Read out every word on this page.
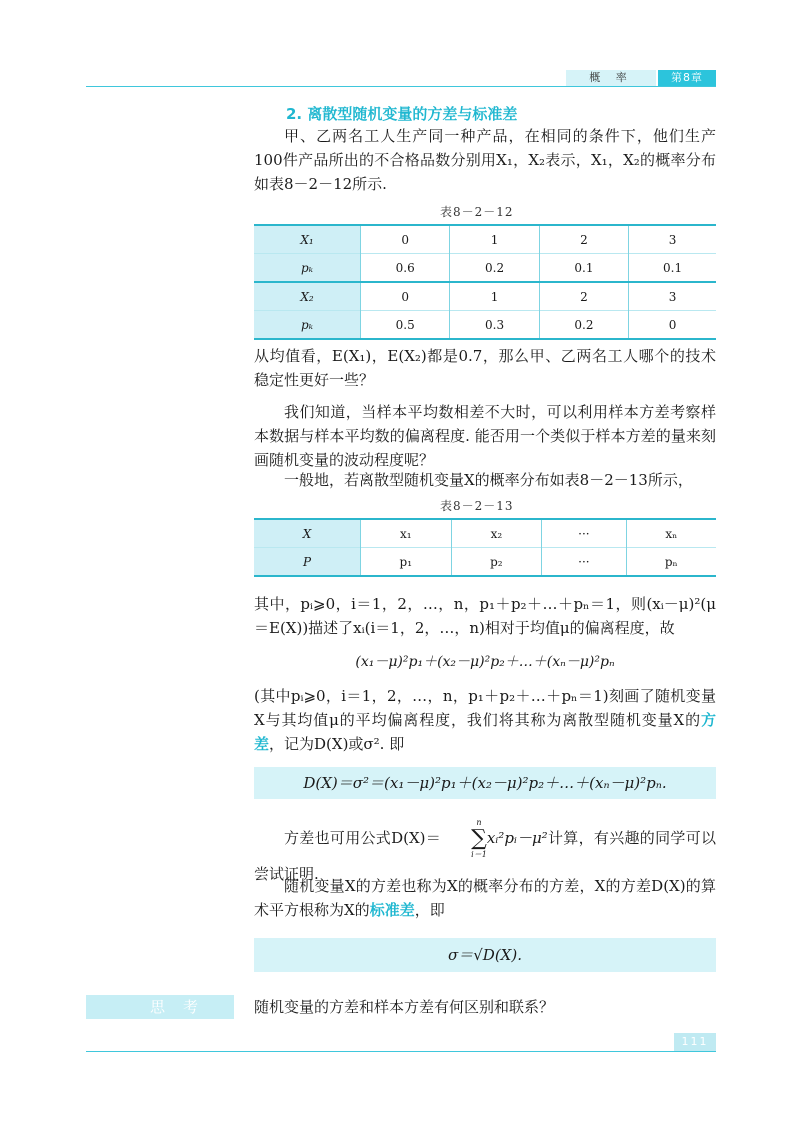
概 率	第8章
2. 离散型随机变量的方差与标准差

甲、乙两名工人生产同一种产品，在相同的条件下，他们生产100件产品所出的不合格品数分别用X₁，X₂表示，X₁，X₂的概率分布如表8－2－12所示.

表8－2－12
X₁	0	1	2	3
pₖ	0.6	0.2	0.1	0.1
X₂	0	1	2	3
pₖ	0.5	0.3	0.2	0

从均值看，E(X₁)，E(X₂)都是0.7，那么甲、乙两名工人哪个的技术稳定性更好一些？

我们知道，当样本平均数相差不大时，可以利用样本方差考察样本数据与样本平均数的偏离程度. 能否用一个类似于样本方差的量来刻画随机变量的波动程度呢？

一般地，若离散型随机变量X的概率分布如表8－2－13所示，

表8－2－13
X	x₁	x₂	···	xₙ
P	p₁	p₂	···	pₙ

其中，pᵢ⩾0，i＝1，2，…，n，p₁＋p₂＋…＋pₙ＝1，则(xᵢ－μ)²(μ＝E(X))描述了xᵢ(i＝1，2，…，n)相对于均值μ的偏离程度，故

(x₁－μ)²p₁＋(x₂－μ)²p₂＋…＋(xₙ－μ)²pₙ

(其中pᵢ⩾0，i＝1，2，…，n，p₁＋p₂＋…＋pₙ＝1)刻画了随机变量X与其均值μ的平均偏离程度，我们将其称为离散型随机变量X的方差，记为D(X)或σ². 即

D(X)＝σ²＝(x₁－μ)²p₁＋(x₂－μ)²p₂＋…＋(xₙ－μ)²pₙ.

方差也可用公式D(X)＝
n
∑
i＝1
xᵢ²pᵢ－μ²计算，有兴趣的同学可以尝试证明.

随机变量X的方差也称为X的概率分布的方差，X的方差D(X)的算术平方根称为X的标准差，即

σ＝√D(X).
思考	随机变量的方差和样本方差有何区别和联系？

111
